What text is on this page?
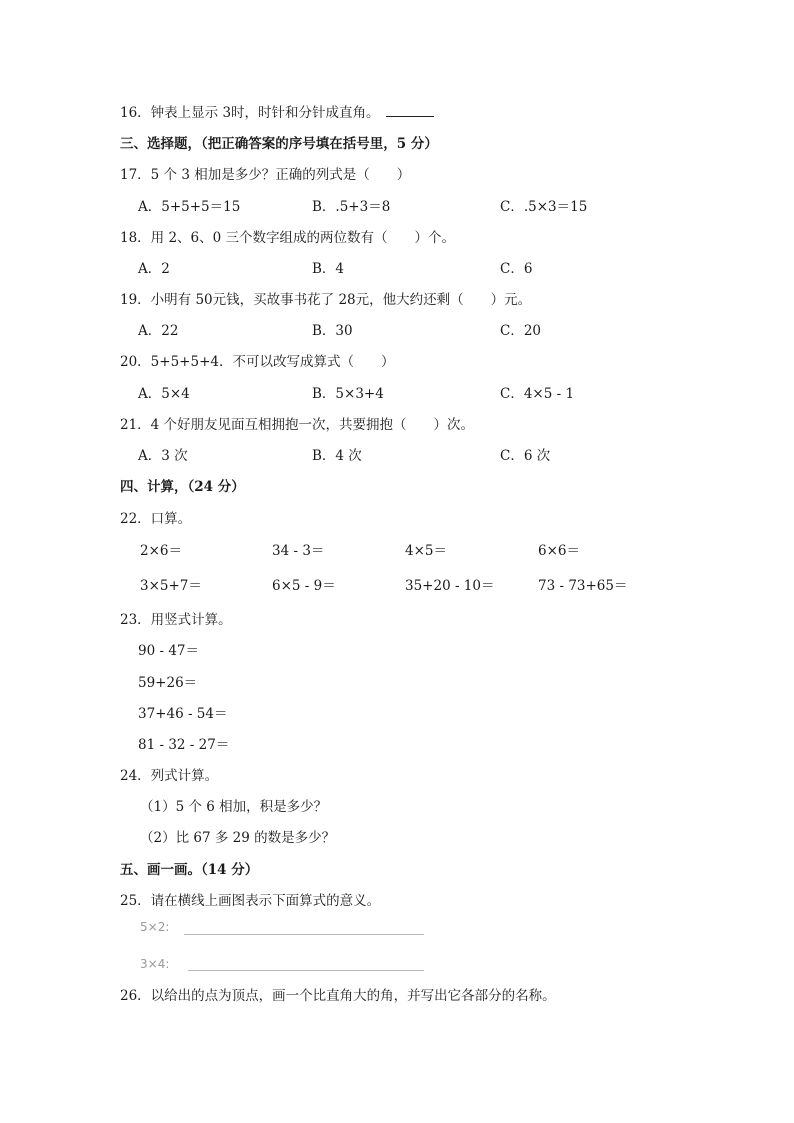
16．钟表上显示 3时，时针和分针成直角。
三、选择题，（把正确答案的序号填在括号里，5 分）
17．5 个 3 相加是多少？正确的列式是（　　）
A．5+5+5＝15	B．.5+3＝8	C．.5×3＝15
18．用 2、6、0 三个数字组成的两位数有（　　）个。
A．2	B．4	C．6
19．小明有 50元钱，买故事书花了 28元，他大约还剩（　　）元。
A．22	B．30	C．20
20．5+5+5+4．不可以改写成算式（　　）
A．5×4	B．5×3+4	C．4×5 - 1
21．4 个好朋友见面互相拥抱一次，共要拥抱（　　）次。
A．3 次	B．4 次	C．6 次
四、计算，（24 分）
22．口算。
2×6＝	34 - 3＝	4×5＝	6×6＝
3×5+7＝	6×5 - 9＝	35+20 - 10＝	73 - 73+65＝
23．用竖式计算。
90 - 47＝
59+26＝
37+46 - 54＝
81 - 32 - 27＝
24．列式计算。
（1）5 个 6 相加，积是多少？
（2）比 67 多 29 的数是多少？
五、画一画。（14 分）
25．请在横线上画图表示下面算式的意义。
5×2:
3×4:
26．以给出的点为顶点，画一个比直角大的角，并写出它各部分的名称。
